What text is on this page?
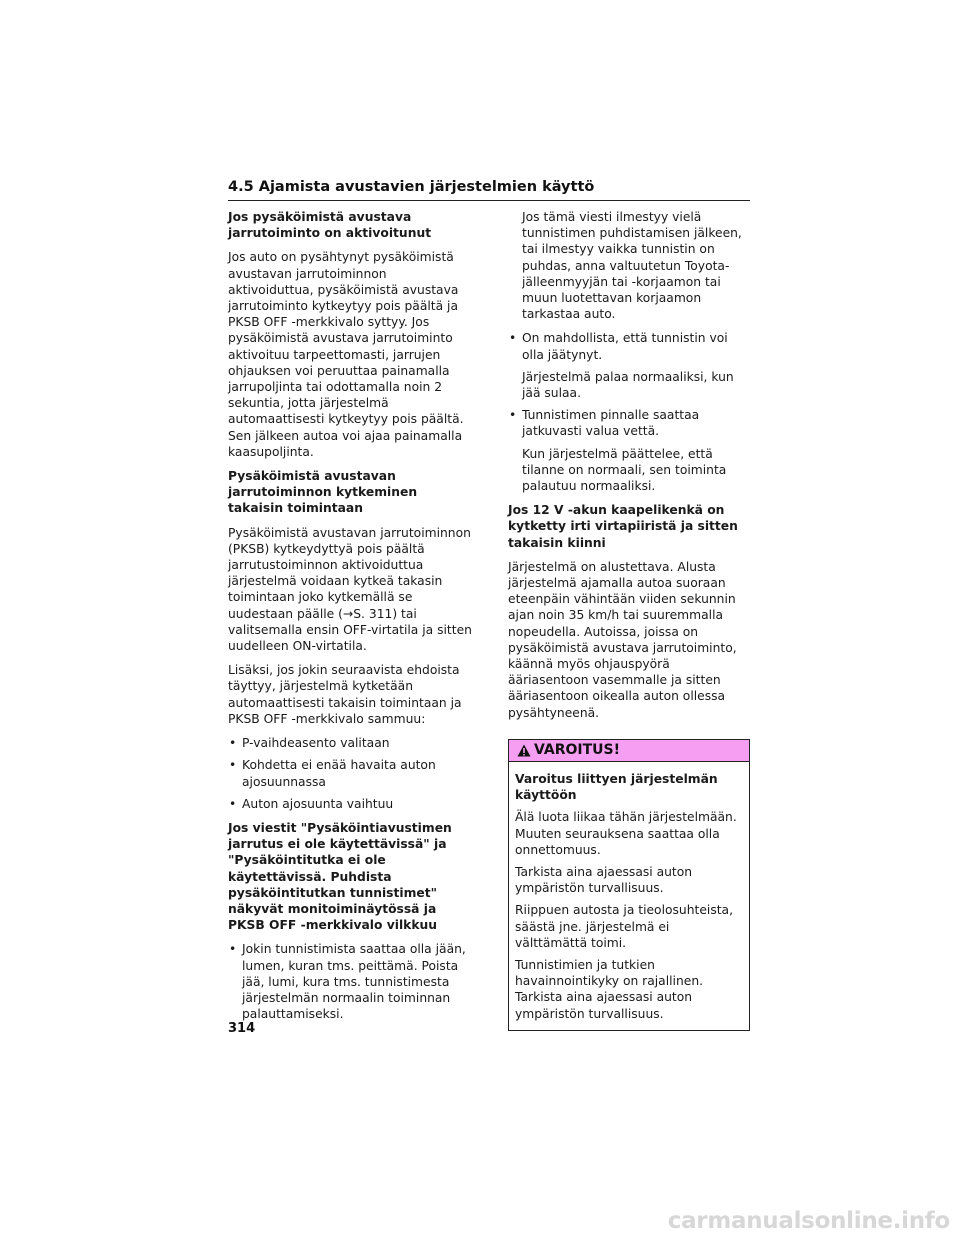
4.5 Ajamista avustavien järjestelmien käyttö
Jos pysäköimistä avustava jarrutoiminto on aktivoitunut

Jos auto on pysähtynyt pysäköimistä avustavan jarrutoiminnon aktivoiduttua, pysäköimistä avustava jarrutoiminto kytkeytyy pois päältä ja PKSB OFF -merkkivalo syttyy. Jos pysäköimistä avustava jarrutoiminto aktivoituu tarpeettomasti, jarrujen ohjauksen voi peruuttaa painamalla jarrupoljinta tai odottamalla noin 2 sekuntia, jotta järjestelmä automaattisesti kytkeytyy pois päältä. Sen jälkeen autoa voi ajaa painamalla kaasupoljinta.

Pysäköimistä avustavan jarrutoiminnon kytkeminen takaisin toimintaan

Pysäköimistä avustavan jarrutoiminnon (PKSB) kytkeydyttyä pois päältä jarrutustoiminnon aktivoiduttua järjestelmä voidaan kytkeä takasin toimintaan joko kytkemällä se uudestaan päälle (→S. 311) tai valitsemalla ensin OFF-virtatila ja sitten uudelleen ON-virtatila.

Lisäksi, jos jokin seuraavista ehdoista täyttyy, järjestelmä kytketään automaattisesti takaisin toimintaan ja PKSB OFF -merkkivalo sammuu:

• P-vaihdeasento valitaan
• Kohdetta ei enää havaita auton ajosuunnassa
• Auton ajosuunta vaihtuu
Jos viestit "Pysäköintiavustimen jarrutus ei ole käytettävissä" ja "Pysäköintitutka ei ole käytettävissä. Puhdista pysäköintitutkan tunnistimet" näkyvät monitoiminäytössä ja PKSB OFF -merkkivalo vilkkuu
• Jokin tunnistimista saattaa olla jään, lumen, kuran tms. peittämä. Poista jää, lumi, kura tms. tunnistimesta järjestelmän normaalin toiminnan palauttamiseksi.

Jos tämä viesti ilmestyy vielä tunnistimen puhdistamisen jälkeen, tai ilmestyy vaikka tunnistin on puhdas, anna valtuutetun Toyota-jälleenmyyjän tai -korjaamon tai muun luotettavan korjaamon tarkastaa auto.

• On mahdollista, että tunnistin voi olla jäätynyt.

Järjestelmä palaa normaaliksi, kun jää sulaa.

• Tunnistimen pinnalle saattaa jatkuvasti valua vettä.

Kun järjestelmä päättelee, että tilanne on normaali, sen toiminta palautuu normaaliksi.

Jos 12 V -akun kaapelikenkä on kytketty irti virtapiiristä ja sitten takaisin kiinni

Järjestelmä on alustettava. Alusta järjestelmä ajamalla autoa suoraan eteenpäin vähintään viiden sekunnin ajan noin 35 km/h tai suuremmalla nopeudella. Autoissa, joissa on pysäköimistä avustava jarrutoiminto, käännä myös ohjauspyörä ääriasentoon vasemmalle ja sitten ääriasentoon oikealla auton ollessa pysähtyneenä.

VAROITUS!
Varoitus liittyen järjestelmän käyttöön

Älä luota liikaa tähän järjestelmään. Muuten seurauksena saattaa olla onnettomuus.

Tarkista aina ajaessasi auton ympäristön turvallisuus.

Riippuen autosta ja tieolosuhteista, säästä jne. järjestelmä ei välttämättä toimi.

Tunnistimien ja tutkien havainnointikyky on rajallinen. Tarkista aina ajaessasi auton ympäristön turvallisuus.

314
carmanualsonline.info
